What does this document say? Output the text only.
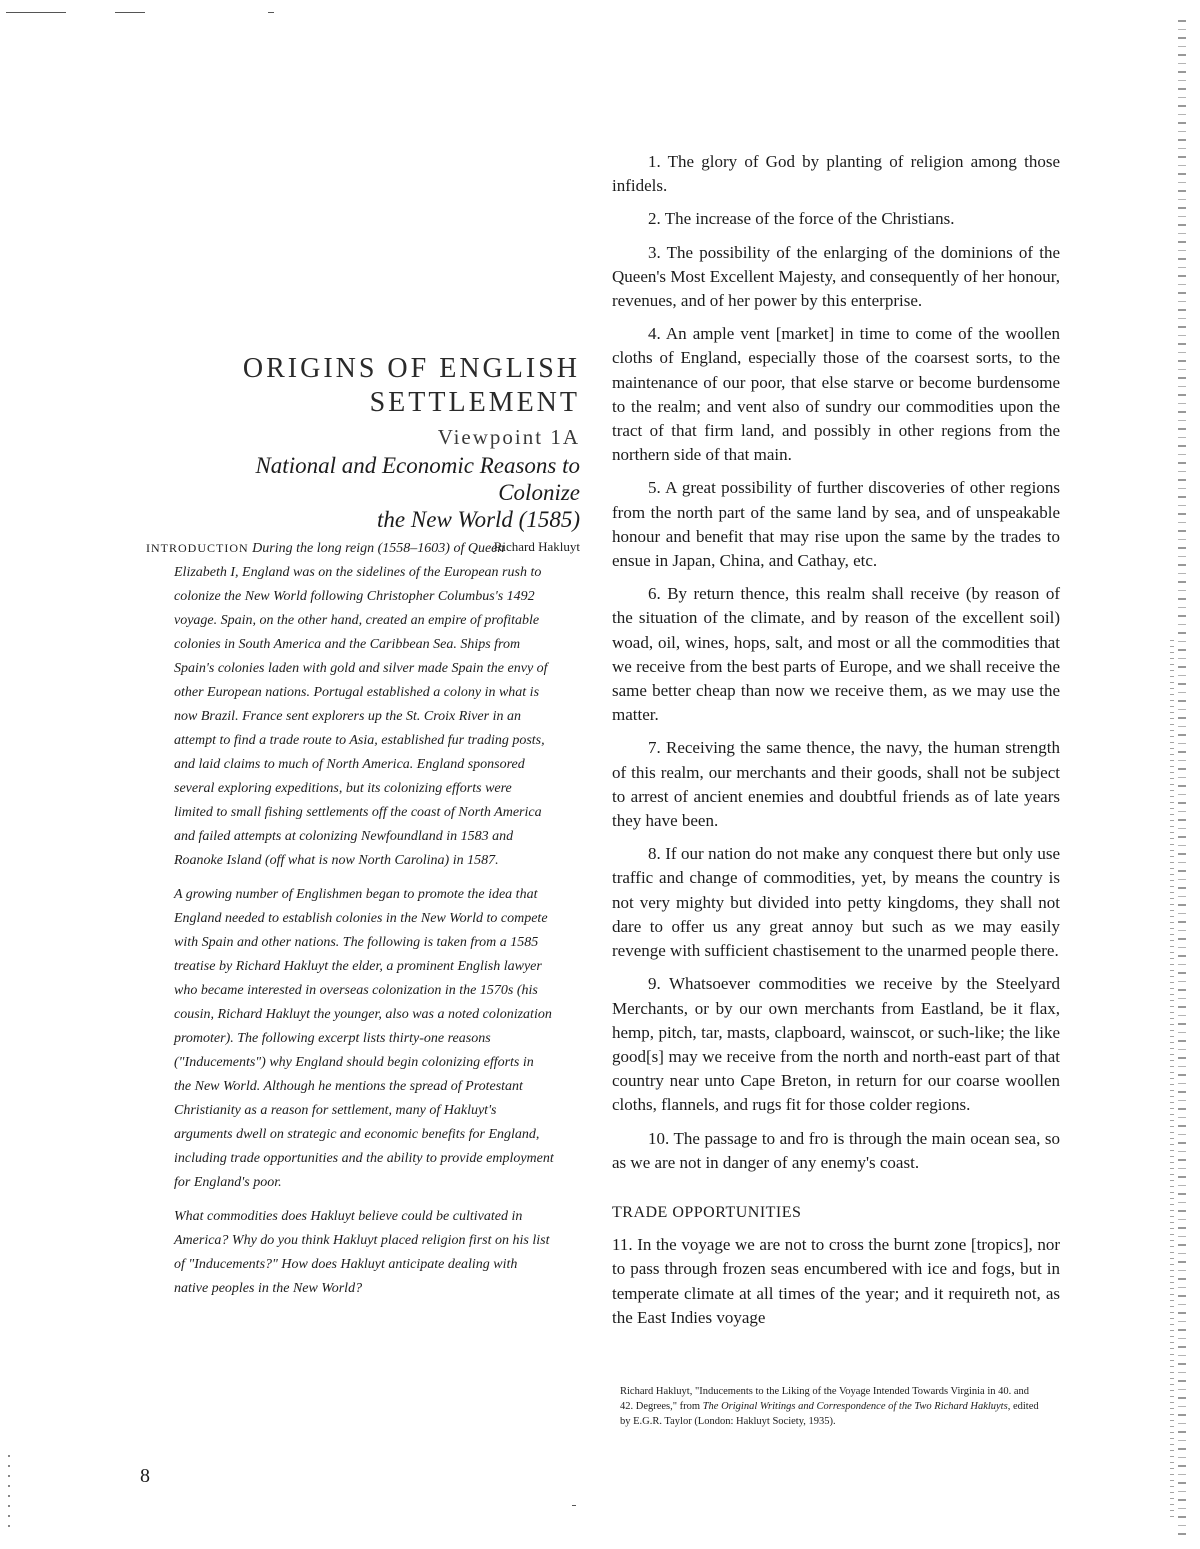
ORIGINS OF ENGLISH
SETTLEMENT
Viewpoint 1A
National and Economic Reasons to Colonize
the New World (1585)
Richard Hakluyt

INTRODUCTION During the long reign (1558–1603) of Queen Elizabeth I, England was on the sidelines of the European rush to colonize the New World following Christopher Columbus's 1492 voyage. Spain, on the other hand, created an empire of profitable colonies in South America and the Caribbean Sea. Ships from Spain's colonies laden with gold and silver made Spain the envy of other European nations. Portugal established a colony in what is now Brazil. France sent explorers up the St. Croix River in an attempt to find a trade route to Asia, established fur trading posts, and laid claims to much of North America. England sponsored several exploring expeditions, but its colonizing efforts were limited to small fishing settlements off the coast of North America and failed attempts at colonizing Newfoundland in 1583 and Roanoke Island (off what is now North Carolina) in 1587.

A growing number of Englishmen began to promote the idea that England needed to establish colonies in the New World to compete with Spain and other nations. The following is taken from a 1585 treatise by Richard Hakluyt the elder, a prominent English lawyer who became interested in overseas colonization in the 1570s (his cousin, Richard Hakluyt the younger, also was a noted colonization promoter). The following excerpt lists thirty-one reasons ("Inducements") why England should begin colonizing efforts in the New World. Although he mentions the spread of Protestant Christianity as a reason for settlement, many of Hakluyt's arguments dwell on strategic and economic benefits for England, including trade opportunities and the ability to provide employment for England's poor.

What commodities does Hakluyt believe could be cultivated in America? Why do you think Hakluyt placed religion first on his list of "Inducements?" How does Hakluyt anticipate dealing with native peoples in the New World?

8

1. The glory of God by planting of religion among those infidels.

2. The increase of the force of the Christians.

3. The possibility of the enlarging of the dominions of the Queen's Most Excellent Majesty, and consequently of her honour, revenues, and of her power by this enterprise.

4. An ample vent [market] in time to come of the woollen cloths of England, especially those of the coarsest sorts, to the maintenance of our poor, that else starve or become burdensome to the realm; and vent also of sundry our commodities upon the tract of that firm land, and possibly in other regions from the northern side of that main.

5. A great possibility of further discoveries of other regions from the north part of the same land by sea, and of unspeakable honour and benefit that may rise upon the same by the trades to ensue in Japan, China, and Cathay, etc.

6. By return thence, this realm shall receive (by reason of the situation of the climate, and by reason of the excellent soil) woad, oil, wines, hops, salt, and most or all the commodities that we receive from the best parts of Europe, and we shall receive the same better cheap than now we receive them, as we may use the matter.

7. Receiving the same thence, the navy, the human strength of this realm, our merchants and their goods, shall not be subject to arrest of ancient enemies and doubtful friends as of late years they have been.

8. If our nation do not make any conquest there but only use traffic and change of commodities, yet, by means the country is not very mighty but divided into petty kingdoms, they shall not dare to offer us any great annoy but such as we may easily revenge with sufficient chastisement to the unarmed people there.

9. Whatsoever commodities we receive by the Steelyard Merchants, or by our own merchants from Eastland, be it flax, hemp, pitch, tar, masts, clapboard, wainscot, or such-like; the like good[s] may we receive from the north and north-east part of that country near unto Cape Breton, in return for our coarse woollen cloths, flannels, and rugs fit for those colder regions.

10. The passage to and fro is through the main ocean sea, so as we are not in danger of any enemy's coast.

TRADE OPPORTUNITIES

11. In the voyage we are not to cross the burnt zone [tropics], nor to pass through frozen seas encumbered with ice and fogs, but in temperate climate at all times of the year; and it requireth not, as the East Indies voyage

Richard Hakluyt, "Inducements to the Liking of the Voyage Intended Towards Virginia in 40. and 42. Degrees," from The Original Writings and Correspondence of the Two Richard Hakluyts, edited by E.G.R. Taylor (London: Hakluyt Society, 1935).
